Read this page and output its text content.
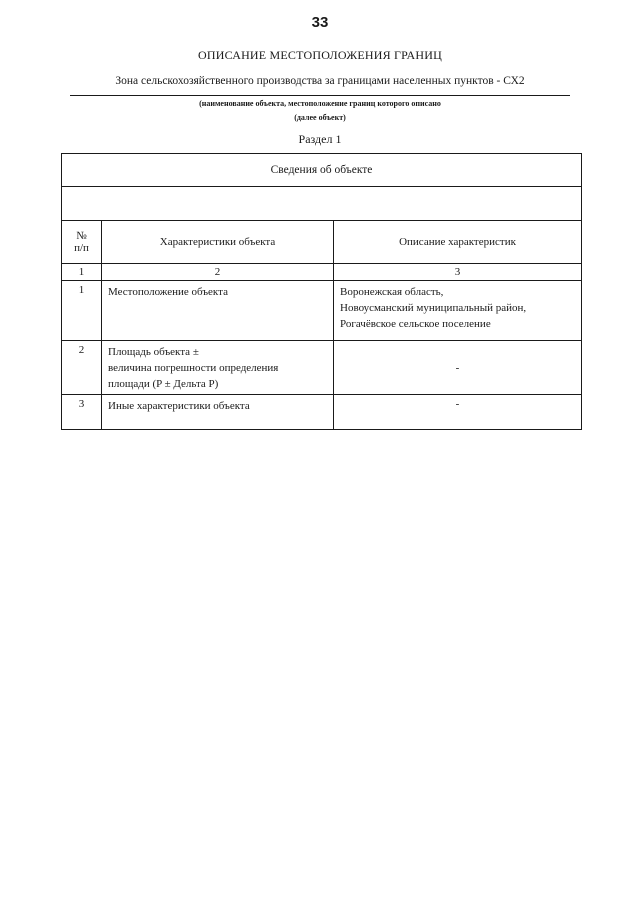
33
ОПИСАНИЕ МЕСТОПОЛОЖЕНИЯ ГРАНИЦ
Зона сельскохозяйственного производства за границами населенных пунктов - СХ2
(наименование объекта, местоположение границ которого описано
(далее объект)
Раздел 1
Сведения об объекте		

№
п/п	Характеристики объекта	Описание характеристик
1	2	3
1	Местоположение объекта	Воронежская область,
Новоусманский муниципальный район,
Рогачёвское сельское поселение

2	Площадь объекта ±
величина погрешности определения
площади (P ± Дельта P)	-
3	Иные характеристики объекта	-
